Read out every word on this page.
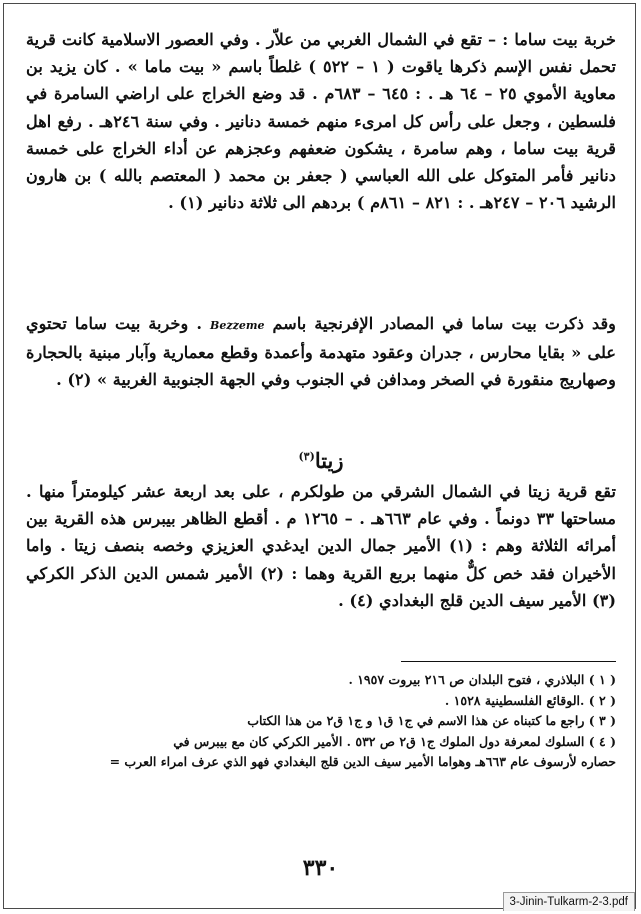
خربة بيت ساما : – تقع في الشمال الغربي من علاّر . وفي العصور الاسلامية كانت قرية تحمل نفس الإسم ذكرها ياقوت ( ١ – ٥٢٢ ) غلطاً باسم « بيت ماما » . كان يزيد بن معاوية الأموي ٢٥ – ٦٤ هـ . : ٦٤٥ – ٦٨٣م . قد وضع الخراج على اراضي السامرة في فلسطين ، وجعل على رأس كل امرىء منهم خمسة دنانير . وفي سنة ٢٤٦هـ . رفع اهل قرية بيت ساما ، وهم سامرة ، يشكون ضعفهم وعجزهم عن أداء الخراج على خمسة دنانير فأمر المتوكل على الله العباسي ( جعفر بن محمد ( المعتصم بالله ) بن هارون الرشيد ٢٠٦ – ٢٤٧هـ . : ٨٢١ – ٨٦١م ) بردهم الى ثلاثة دنانير (١) .

وقد ذكرت بيت ساما في المصادر الإفرنجية باسم Bezzeme . وخربة بيت ساما تحتوي على « بقايا محارس ، جدران وعقود متهدمة وأعمدة وقطع معمارية وآبار مبنية بالحجارة وصهاريج منقورة في الصخر ومدافن في الجنوب وفي الجهة الجنوبية الغربية » (٢) .

زيتا$^{(٣)}$

تقع قرية زيتا في الشمال الشرقي من طولكرم ، على بعد اربعة عشر كيلومتراً منها . مساحتها ٣٣ دونماً . وفي عام ٦٦٣هـ . – ١٢٦٥ م . أقطع الظاهر بيبرس هذه القرية بين أمرائه الثلاثة وهم : (١) الأمير جمال الدين ايدغدي العزيزي وخصه بنصف زيتا . واما الأخيران فقد خص كلٌّ منهما بربع القرية وهما : (٢) الأمير شمس الدين الذكر الكركي (٣) الأمير سيف الدين قلج البغدادي (٤) .

( ١ ) البلاذري ، فتوح البلدان ص ٢١٦ بيروت ١٩٥٧ .

( ٢ ) .الوقائع الفلسطينية ١٥٢٨ .

( ٣ ) راجع ما كتبناه عن هذا الاسم في ج١ ق١ و ج١ ق٢ من هذا الكتاب

( ٤ ) السلوك لمعرفة دول الملوك ج١ ق٢ ص ٥٣٢ . الأمير الكركي كان مع بيبرس في

حصاره لأرسوف عام ٦٦٣هـ وهواما الأمير سيف الدين قلج البغدادي فهو الذي عرف امراء العرب =

٣٣٠
3-Jinin-Tulkarm-2-3.pdf
